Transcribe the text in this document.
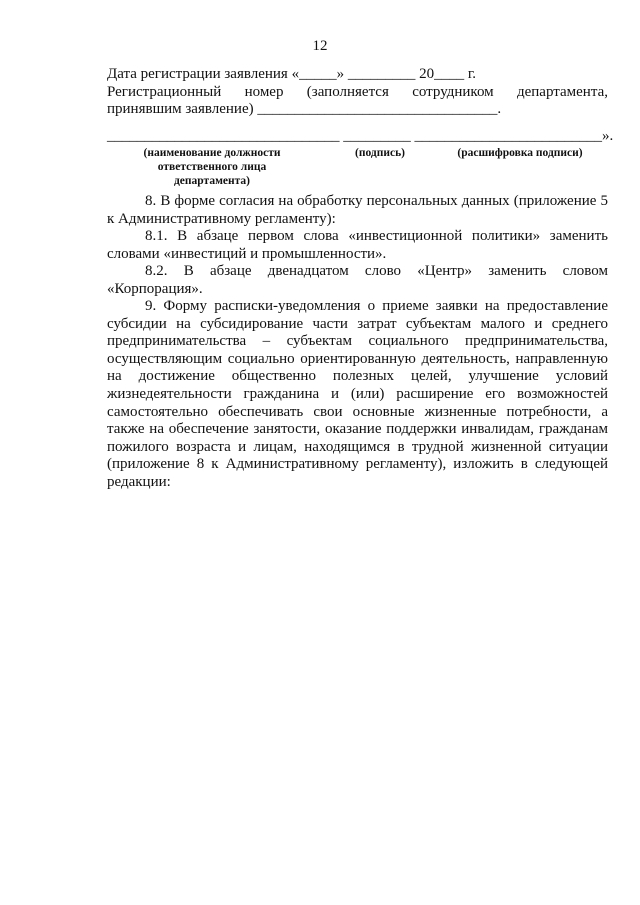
12
Дата регистрации заявления «_____» _________ 20____ г.
Регистрационный номер (заполняется сотрудником департамента,
принявшим заявление) ________________________________.
_______________________________ _________ _________________________».
(наименование должности
ответственного лица
департамента)
(подпись)	(расшифровка подписи)
8. В форме согласия на обработку персональных данных (приложение 5
к Административному регламенту):
8.1. В абзаце первом слова «инвестиционной политики» заменить
словами «инвестиций и промышленности».
8.2. В абзаце двенадцатом слово «Центр» заменить словом
«Корпорация».
9. Форму расписки-уведомления о приеме заявки на предоставление
субсидии на субсидирование части затрат субъектам малого и среднего
предпринимательства – субъектам социального предпринимательства,
осуществляющим социально ориентированную деятельность, направленную
на достижение общественно полезных целей, улучшение условий
жизнедеятельности гражданина и (или) расширение его возможностей
самостоятельно обеспечивать свои основные жизненные потребности, а
также на обеспечение занятости, оказание поддержки инвалидам, гражданам
пожилого возраста и лицам, находящимся в трудной жизненной ситуации
(приложение 8 к Административному регламенту), изложить в следующей
редакции:
